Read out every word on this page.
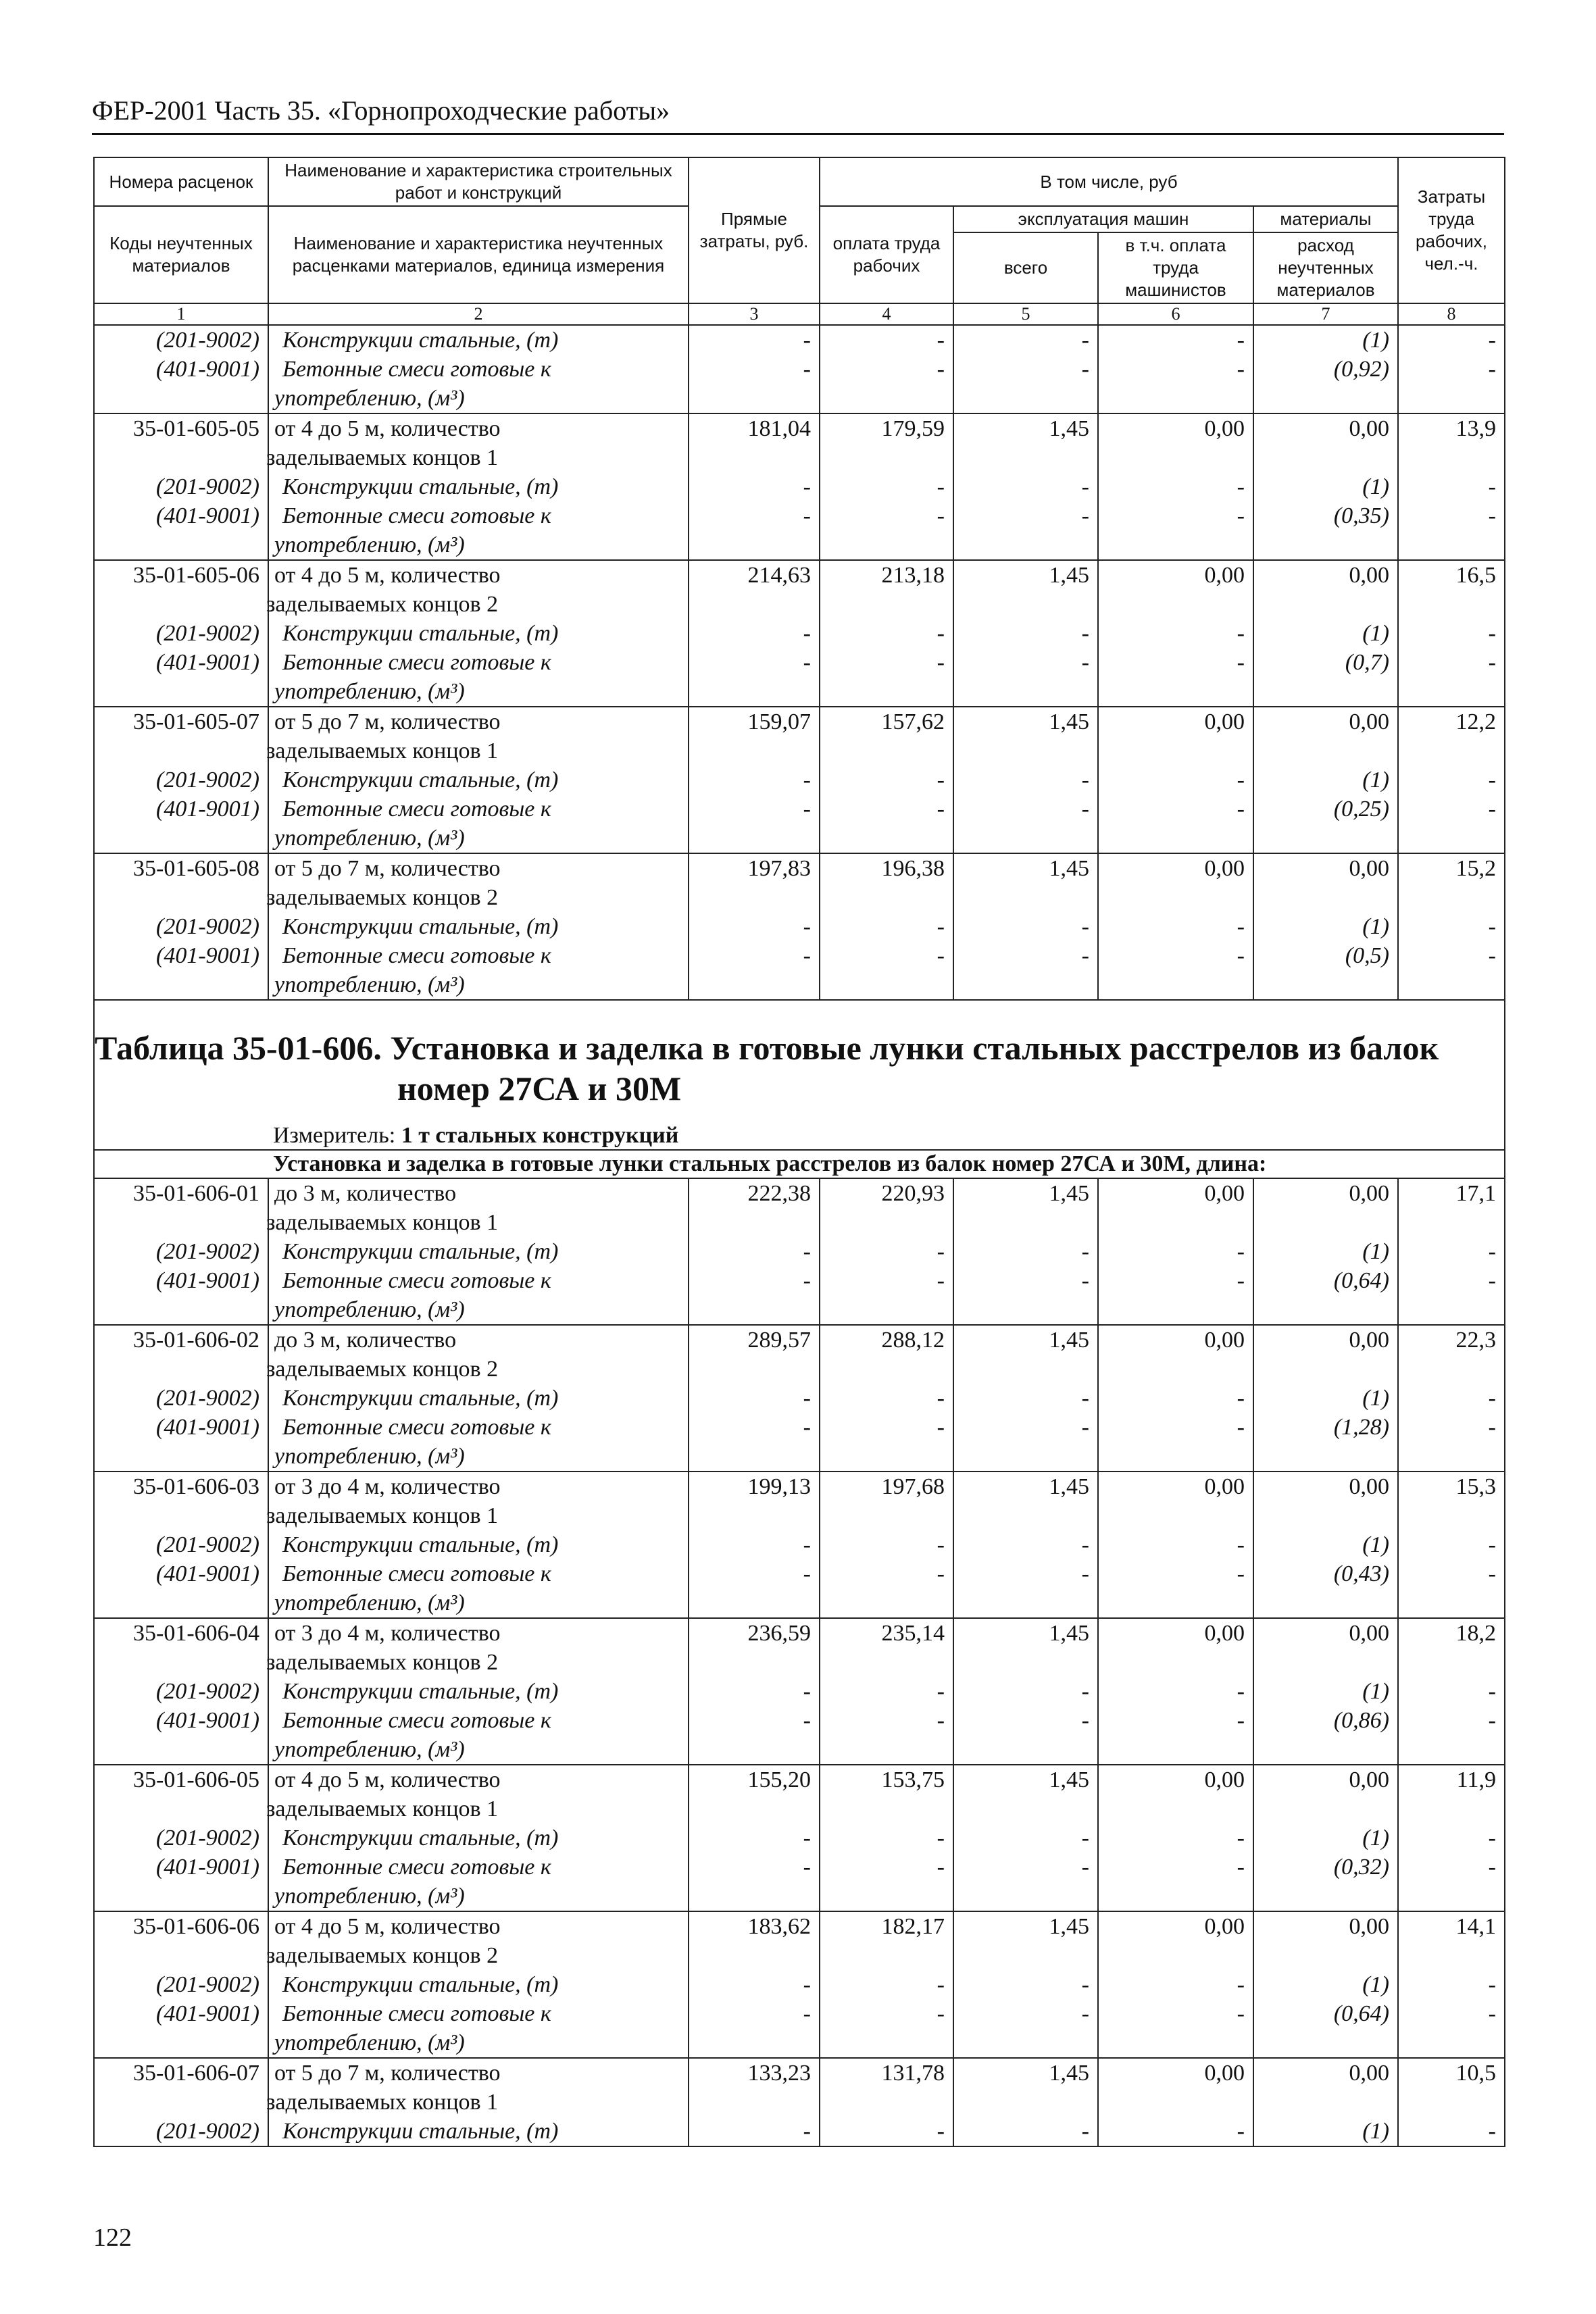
ФЕР-2001 Часть 35. «Горнопроходческие работы»
Номера расценок	Наименование и характеристика строительных работ и конструкций	Прямые затраты, руб.	В том числе, руб				Затраты труда рабочих, чел.-ч.
Коды неучтенных материалов	Наименование и характеристика неучтенных расценками материалов, единица измерения		оплата труда рабочих	эксплуатация машин		материалы	
				всего	в т.ч. оплата труда машинистов	расход неучтенных материалов	
1	2	3	4	5	6	7	8
(201-9002)	Конструкции стальные, (т)	-	-	-	-	(1)	-
(401-9001)	Бетонные смеси готовые к	-	-	-	-	(0,92)	-
	употреблению, (м³)						
35-01-605-05	от 4 до 5 м, количество	181,04	179,59	1,45	0,00	0,00	13,9
	заделываемых концов 1						
(201-9002)	Конструкции стальные, (т)	-	-	-	-	(1)	-
(401-9001)	Бетонные смеси готовые к	-	-	-	-	(0,35)	-
	употреблению, (м³)						
35-01-605-06	от 4 до 5 м, количество	214,63	213,18	1,45	0,00	0,00	16,5
	заделываемых концов 2						
(201-9002)	Конструкции стальные, (т)	-	-	-	-	(1)	-
(401-9001)	Бетонные смеси готовые к	-	-	-	-	(0,7)	-
	употреблению, (м³)						
35-01-605-07	от 5 до 7 м, количество	159,07	157,62	1,45	0,00	0,00	12,2
	заделываемых концов 1						
(201-9002)	Конструкции стальные, (т)	-	-	-	-	(1)	-
(401-9001)	Бетонные смеси готовые к	-	-	-	-	(0,25)	-
	употреблению, (м³)						
35-01-605-08	от 5 до 7 м, количество	197,83	196,38	1,45	0,00	0,00	15,2
	заделываемых концов 2						
(201-9002)	Конструкции стальные, (т)	-	-	-	-	(1)	-
(401-9001)	Бетонные смеси готовые к	-	-	-	-	(0,5)	-
	употреблению, (м³)						

Таблица 35-01-606. Установка и заделка в готовые лунки стальных расстрелов из балок
номер 27СА и 30М
Измеритель: 1 т стальных конструкций							

Установка и заделка в готовые лунки стальных расстрелов из балок номер 27СА и 30М, длина:							
35-01-606-01	до 3 м, количество	222,38	220,93	1,45	0,00	0,00	17,1
	заделываемых концов 1						
(201-9002)	Конструкции стальные, (т)	-	-	-	-	(1)	-
(401-9001)	Бетонные смеси готовые к	-	-	-	-	(0,64)	-
	употреблению, (м³)						
35-01-606-02	до 3 м, количество	289,57	288,12	1,45	0,00	0,00	22,3
	заделываемых концов 2						
(201-9002)	Конструкции стальные, (т)	-	-	-	-	(1)	-
(401-9001)	Бетонные смеси готовые к	-	-	-	-	(1,28)	-
	употреблению, (м³)						
35-01-606-03	от 3 до 4 м, количество	199,13	197,68	1,45	0,00	0,00	15,3
	заделываемых концов 1						
(201-9002)	Конструкции стальные, (т)	-	-	-	-	(1)	-
(401-9001)	Бетонные смеси готовые к	-	-	-	-	(0,43)	-
	употреблению, (м³)						
35-01-606-04	от 3 до 4 м, количество	236,59	235,14	1,45	0,00	0,00	18,2
	заделываемых концов 2						
(201-9002)	Конструкции стальные, (т)	-	-	-	-	(1)	-
(401-9001)	Бетонные смеси готовые к	-	-	-	-	(0,86)	-
	употреблению, (м³)						
35-01-606-05	от 4 до 5 м, количество	155,20	153,75	1,45	0,00	0,00	11,9
	заделываемых концов 1						
(201-9002)	Конструкции стальные, (т)	-	-	-	-	(1)	-
(401-9001)	Бетонные смеси готовые к	-	-	-	-	(0,32)	-
	употреблению, (м³)						
35-01-606-06	от 4 до 5 м, количество	183,62	182,17	1,45	0,00	0,00	14,1
	заделываемых концов 2						
(201-9002)	Конструкции стальные, (т)	-	-	-	-	(1)	-
(401-9001)	Бетонные смеси готовые к	-	-	-	-	(0,64)	-
	употреблению, (м³)						
35-01-606-07	от 5 до 7 м, количество	133,23	131,78	1,45	0,00	0,00	10,5
	заделываемых концов 1						
(201-9002)	Конструкции стальные, (т)	-	-	-	-	(1)	-
122
